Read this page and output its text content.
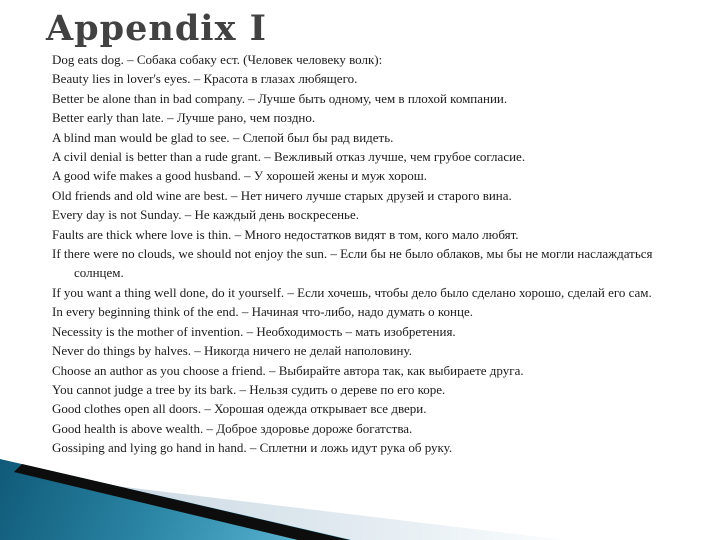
Appendix I

Dog eats dog. – Собака собаку ест. (Человек человеку волк):

Beauty lies in lover's eyes. – Красота в глазах любящего.

Better be alone than in bad company. – Лучше быть одному, чем в плохой компании.

Better early than late. – Лучше рано, чем поздно.

A blind man would be glad to see. – Слепой был бы рад видеть.

A civil denial is better than a rude grant. – Вежливый отказ лучше, чем грубое согласие.

A good wife makes a good husband. – У хорошей жены и муж хорош.

Old friends and old wine are best. – Нет ничего лучше старых друзей и старого вина.

Every day is not Sunday. – Не каждый день воскресенье.

Faults are thick where love is thin. – Много недостатков видят в том, кого мало любят.

If there were no clouds, we should not enjoy the sun. – Если бы не было облаков, мы бы не могли наслаждаться солнцем.

If you want a thing well done, do it yourself. – Если хочешь, чтобы дело было сделано хорошо, сделай его сам.

In every beginning think of the end. – Начиная что-либо, надо думать о конце.

Necessity is the mother of invention. – Необходимость – мать изобретения.

Never do things by halves. – Никогда ничего не делай наполовину.

Choose an author as you choose a friend. – Выбирайте автора так, как выбираете друга.

You cannot judge a tree by its bark. – Нельзя судить о дереве по его коре.

Good clothes open all doors. – Хорошая одежда открывает все двери.

Good health is above wealth. – Доброе здоровье дороже богатства.

Gossiping and lying go hand in hand. – Сплетни и ложь идут рука об руку.
